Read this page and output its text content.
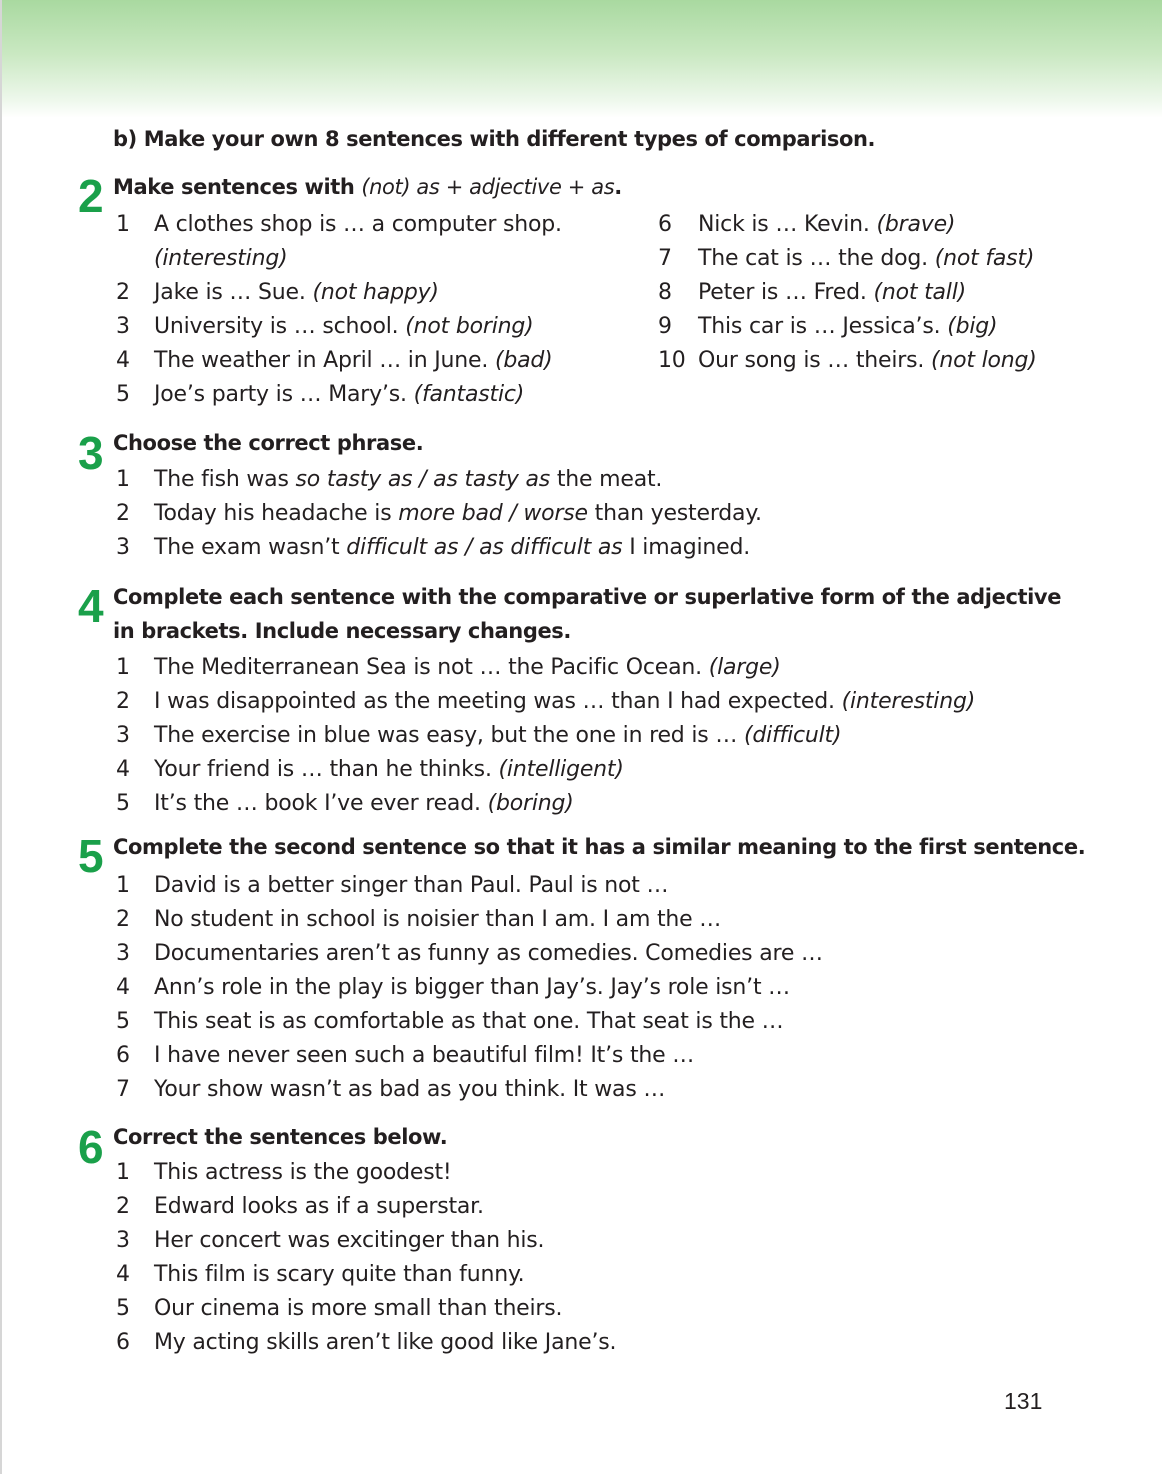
b) Make your own 8 sentences with different types of comparison.
2 Make sentences with (not) as + adjective + as.
1	A clothes shop is … a computer shop.
(interesting)
2	Jake is … Sue. (not happy)
3	University is … school. (not boring)
4	The weather in April … in June. (bad)
5	Joe’s party is … Mary’s. (fantastic)
6	Nick is … Kevin. (brave)
7	The cat is … the dog. (not fast)
8	Peter is … Fred. (not tall)
9	This car is … Jessica’s. (big)
10 Our song is … theirs. (not long)
3 Choose the correct phrase.
1	The fish was so tasty as / as tasty as the meat.
2	Today his headache is more bad / worse than yesterday.
3	The exam wasn’t difficult as / as difficult as I imagined.
4 Complete each sentence with the comparative or superlative form of the adjective
in brackets. Include necessary changes.
1	The Mediterranean Sea is not … the Pacific Ocean. (large)
2	I was disappointed as the meeting was … than I had expected. (interesting)
3	The exercise in blue was easy, but the one in red is … (difficult)
4	Your friend is … than he thinks. (intelligent)
5	It’s the … book I’ve ever read. (boring)
5 Complete the second sentence so that it has a similar meaning to the first sentence.
1	David is a better singer than Paul. Paul is not …
2	No student in school is noisier than I am. I am the …
3	Documentaries aren’t as funny as comedies. Comedies are …
4	Ann’s role in the play is bigger than Jay’s. Jay’s role isn’t …
5	This seat is as comfortable as that one. That seat is the …
6	I have never seen such a beautiful film! It’s the …
7	Your show wasn’t as bad as you think. It was …
6 Correct the sentences below.
1	This actress is the goodest!
2	Edward looks as if a superstar.
3	Her concert was excitinger than his.
4	This film is scary quite than funny.
5	Our cinema is more small than theirs.
6	My acting skills aren’t like good like Jane’s.
131
